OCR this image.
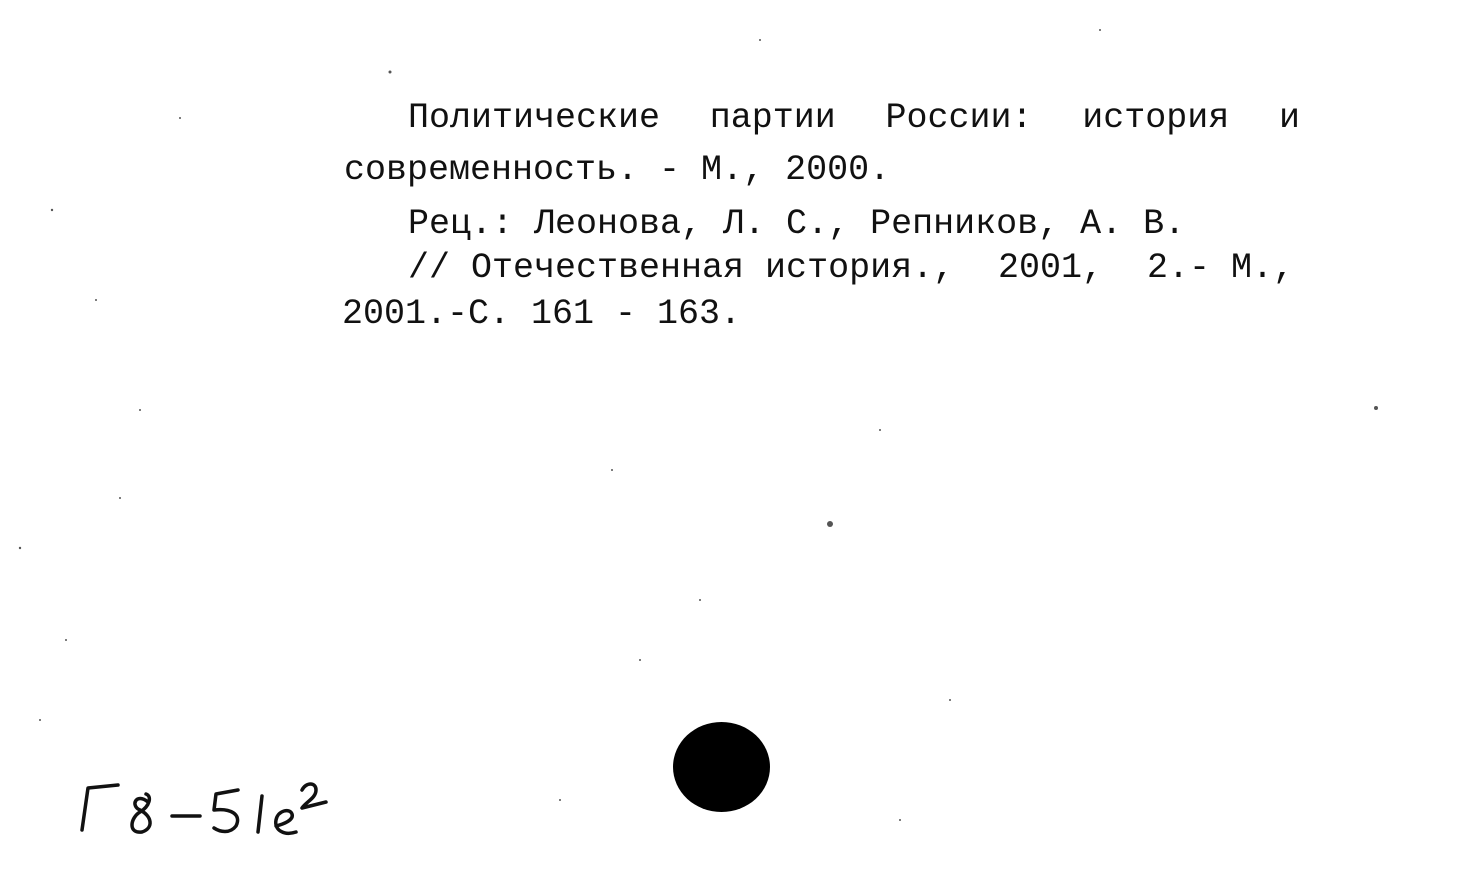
Политические партии России: история и
современность. - М., 2000.
Рец.: Леонова, Л. С., Репников, А. В.
// Отечественная история., 2001, 2.- М.,
2001.-С. 161 - 163.
